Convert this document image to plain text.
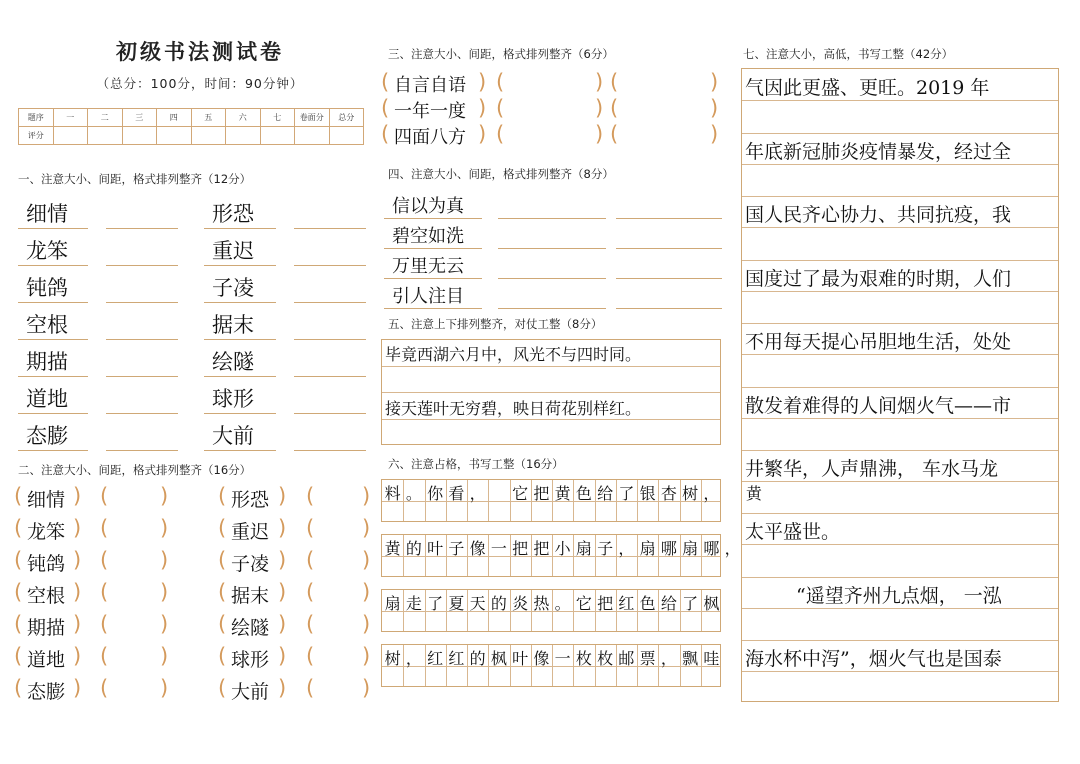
初级书法测试卷
（总分：100分，时间：90分钟）
题序	一	二	三	四	五	六	七	卷面分	总分
评分									
一、注意大小、间距，格式排列整齐（12分）
细情	形恐
龙笨	重迟
钝鸽	子凌
空根	据末
期描	绘隧
道地	球形
态膨	大前
二、注意大小、间距，格式排列整齐（16分）
( 细情 ) ( ) ( 形恐 ) ( )
( 龙笨 ) ( ) ( 重迟 ) ( )
( 钝鸽 ) ( ) ( 子凌 ) ( )
( 空根 ) ( ) ( 据末 ) ( )
( 期描 ) ( ) ( 绘隧 ) ( )
( 道地 ) ( ) ( 球形 ) ( )
( 态膨 ) ( ) ( 大前 ) ( )
三、注意大小、间距，格式排列整齐（6分）
( 自言自语 ) (	) (	)
( 一年一度 ) (	) (	)
( 四面八方 ) (	) (	)
四、注意大小、间距，格式排列整齐（8分）
信以为真
碧空如洗
万里无云
引人注目
五、注意上下排列整齐，对仗工整（8分）
毕竟西湖六月中，风光不与四时同。
接天莲叶无穷碧，映日荷花别样红。
六、注意占格，书写工整（16分）
料 。 你 看 ， 它 把 黄 色 给 了 银 杏 树 ， 黄
黄 的 叶 子 像 一 把 把 小 扇 子 ， 扇 哪 扇 哪 ，
扇 走 了 夏 天 的 炎 热 。 它 把 红 色 给 了 枫
树 ， 红 红 的 枫 叶 像 一 枚 枚 邮 票 ， 飘 哇
七、注意大小，高低，书写工整（42分）
气因此更盛、更旺。2019 年
年底新冠肺炎疫情暴发，经过全
国人民齐心协力、共同抗疫，我
国度过了最为艰难的时期，人们
不用每天提心吊胆地生活，处处
散发着难得的人间烟火气——市
井繁华，人声鼎沸， 车水马龙
太平盛世。
“遥望齐州九点烟， 一泓
海水杯中泻”，烟火气也是国泰
